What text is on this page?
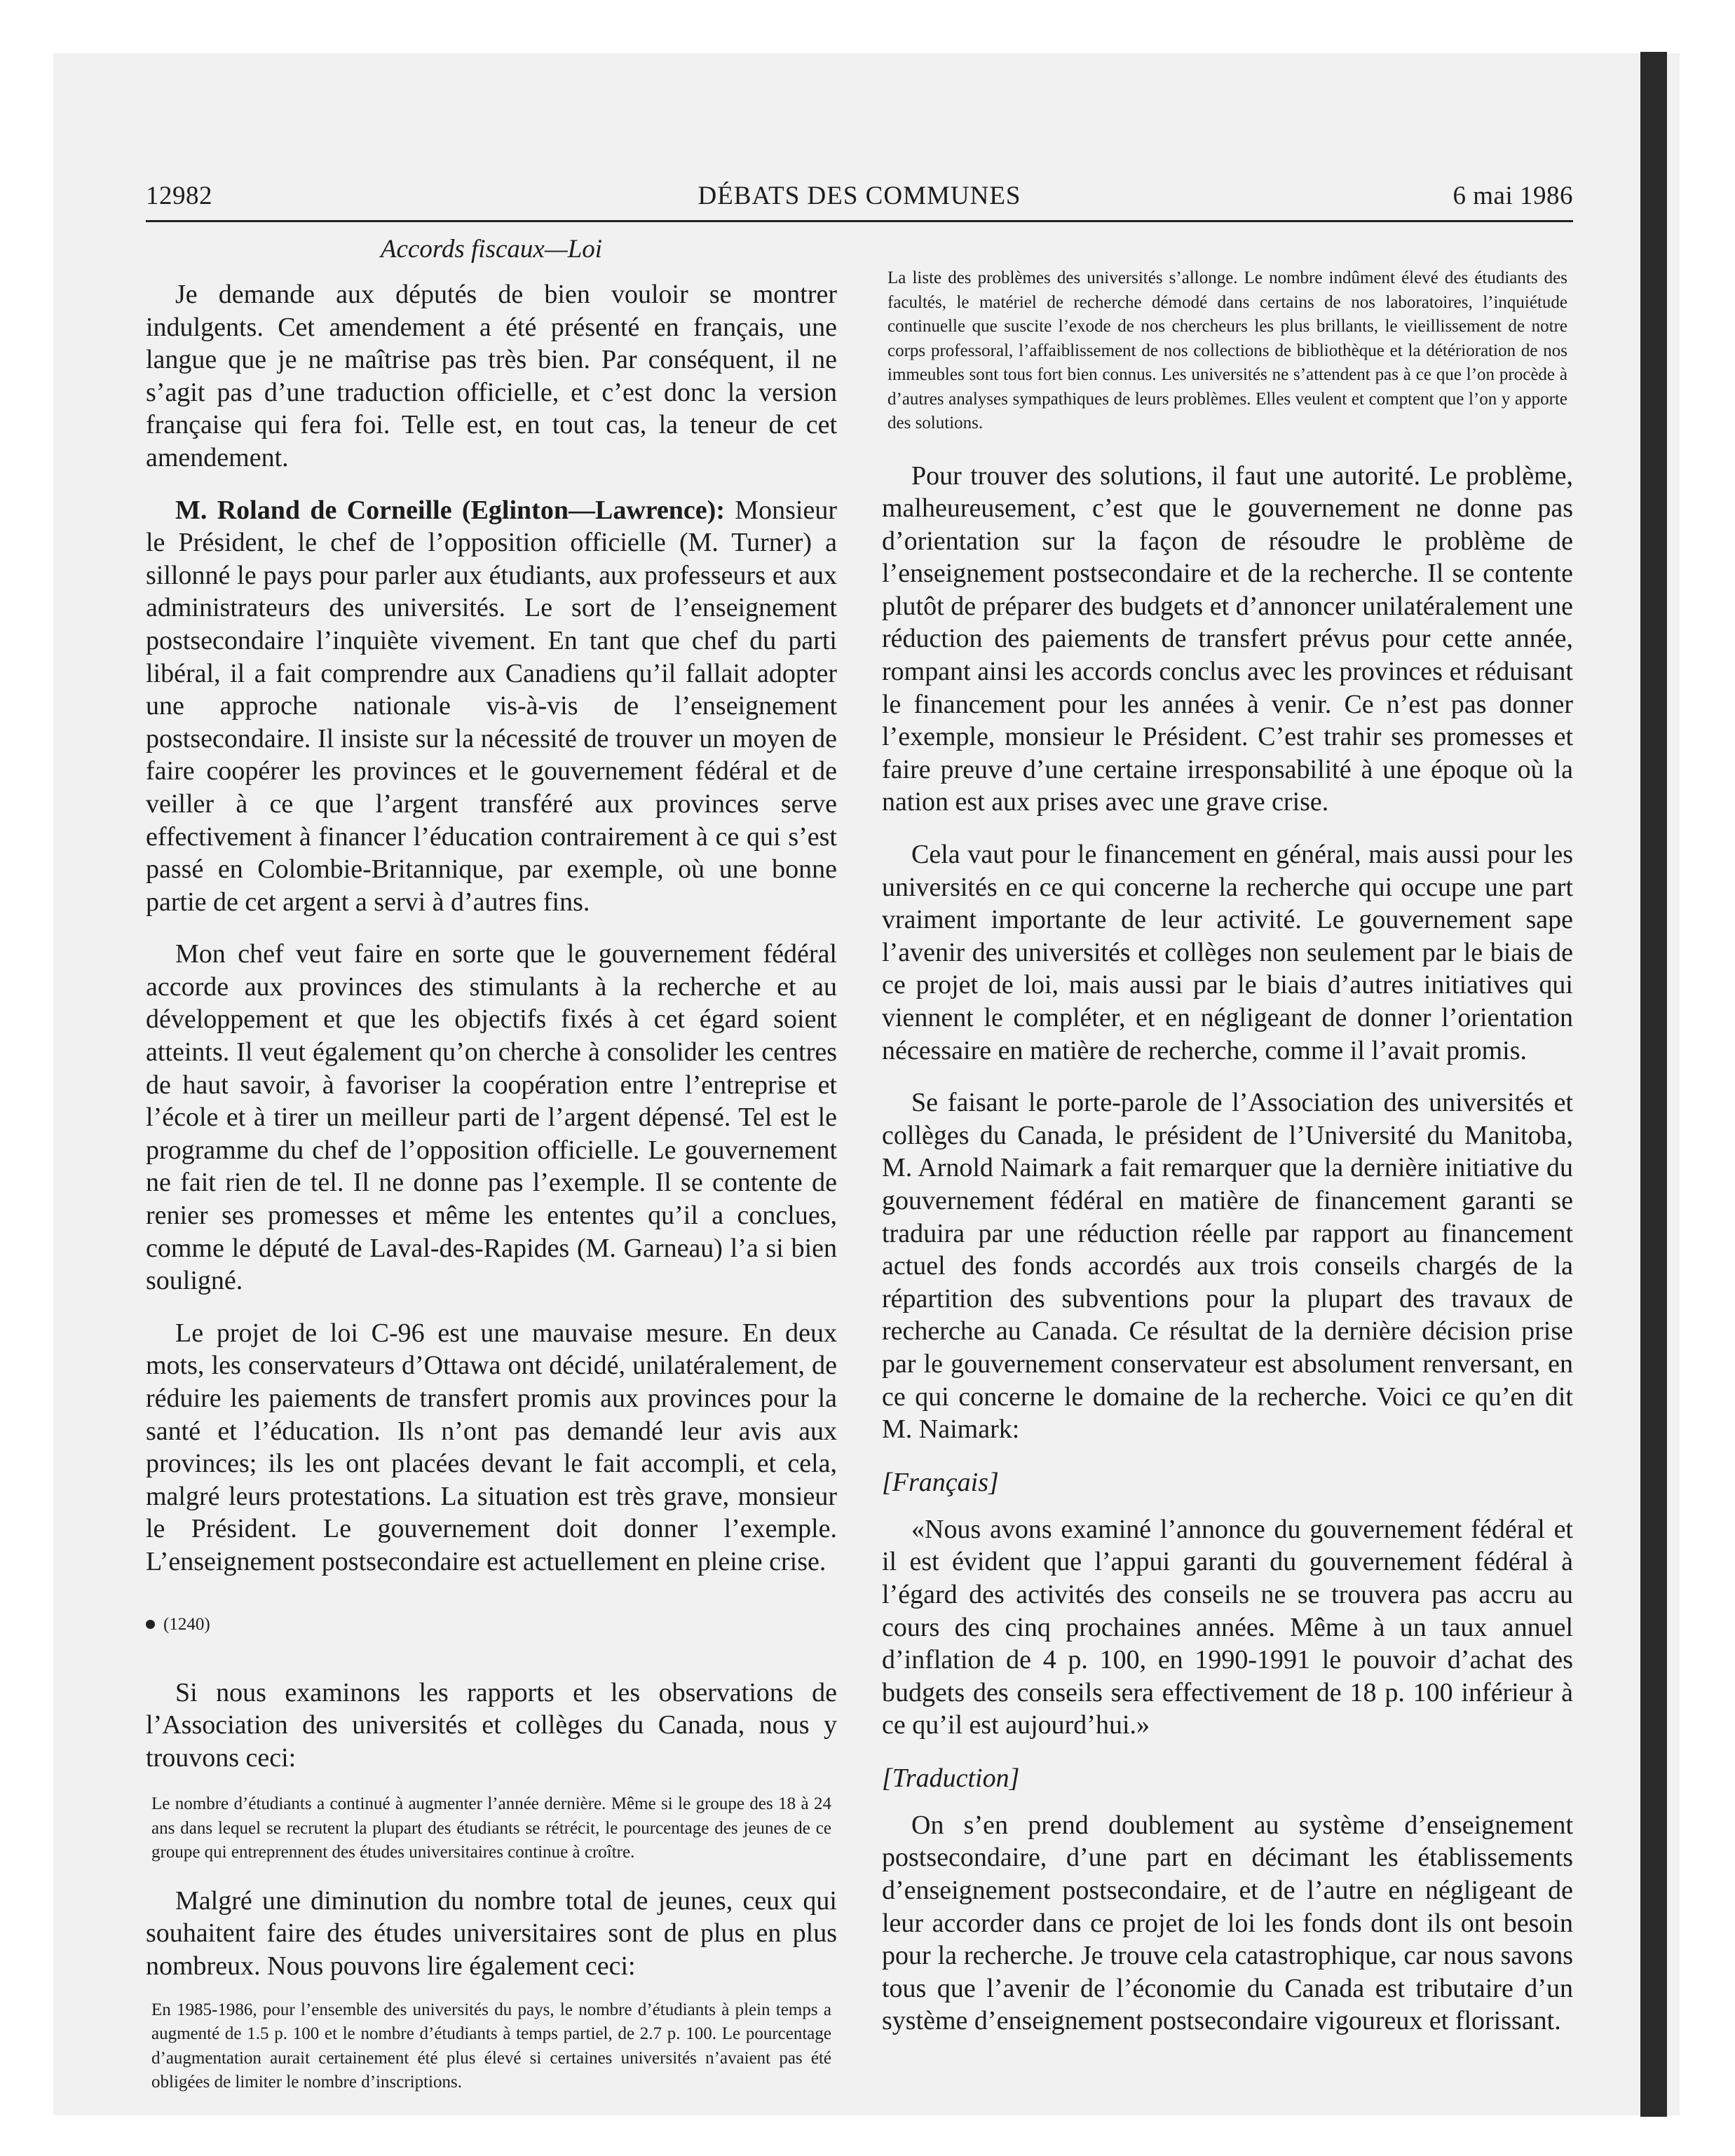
DÉBATS DES COMMUNES
12982	6 mai 1986
Accords fiscaux—Loi

Je demande aux députés de bien vouloir se montrer indulgents. Cet amendement a été présenté en français, une langue que je ne maîtrise pas très bien. Par conséquent, il ne s’agit pas d’une traduction officielle, et c’est donc la version française qui fera foi. Telle est, en tout cas, la teneur de cet amendement.

M. Roland de Corneille (Eglinton—Lawrence): Monsieur le Président, le chef de l’opposition officielle (M. Turner) a sillonné le pays pour parler aux étudiants, aux professeurs et aux administrateurs des universités. Le sort de l’enseignement postsecondaire l’inquiète vivement. En tant que chef du parti libéral, il a fait comprendre aux Canadiens qu’il fallait adopter une approche nationale vis-à-vis de l’enseignement postsecondaire. Il insiste sur la nécessité de trouver un moyen de faire coopérer les provinces et le gouvernement fédéral et de veiller à ce que l’argent transféré aux provinces serve effectivement à financer l’éducation contrairement à ce qui s’est passé en Colombie-Britannique, par exemple, où une bonne partie de cet argent a servi à d’autres fins.

Mon chef veut faire en sorte que le gouvernement fédéral accorde aux provinces des stimulants à la recherche et au développement et que les objectifs fixés à cet égard soient atteints. Il veut également qu’on cherche à consolider les centres de haut savoir, à favoriser la coopération entre l’entreprise et l’école et à tirer un meilleur parti de l’argent dépensé. Tel est le programme du chef de l’opposition officielle. Le gouvernement ne fait rien de tel. Il ne donne pas l’exemple. Il se contente de renier ses promesses et même les ententes qu’il a conclues, comme le député de Laval-des-Rapides (M. Garneau) l’a si bien souligné.

Le projet de loi C-96 est une mauvaise mesure. En deux mots, les conservateurs d’Ottawa ont décidé, unilatéralement, de réduire les paiements de transfert promis aux provinces pour la santé et l’éducation. Ils n’ont pas demandé leur avis aux provinces; ils les ont placées devant le fait accompli, et cela, malgré leurs protestations. La situation est très grave, monsieur le Président. Le gouvernement doit donner l’exemple. L’enseignement postsecondaire est actuellement en pleine crise.

(1240)

Si nous examinons les rapports et les observations de l’Association des universités et collèges du Canada, nous y trouvons ceci:

Le nombre d’étudiants a continué à augmenter l’année dernière. Même si le groupe des 18 à 24 ans dans lequel se recrutent la plupart des étudiants se rétrécit, le pourcentage des jeunes de ce groupe qui entreprennent des études universitaires continue à croître.

Malgré une diminution du nombre total de jeunes, ceux qui souhaitent faire des études universitaires sont de plus en plus nombreux. Nous pouvons lire également ceci:

En 1985-1986, pour l’ensemble des universités du pays, le nombre d’étudiants à plein temps a augmenté de 1.5 p. 100 et le nombre d’étudiants à temps partiel, de 2.7 p. 100. Le pourcentage d’augmentation aurait certainement été plus élevé si certaines universités n’avaient pas été obligées de limiter le nombre d’inscriptions.

La liste des problèmes des universités s’allonge. Le nombre indûment élevé des étudiants des facultés, le matériel de recherche démodé dans certains de nos laboratoires, l’inquiétude continuelle que suscite l’exode de nos chercheurs les plus brillants, le vieillissement de notre corps professoral, l’affaiblissement de nos collections de bibliothèque et la détérioration de nos immeubles sont tous fort bien connus. Les universités ne s’attendent pas à ce que l’on procède à d’autres analyses sympathiques de leurs problèmes. Elles veulent et comptent que l’on y apporte des solutions.

Pour trouver des solutions, il faut une autorité. Le problème, malheureusement, c’est que le gouvernement ne donne pas d’orientation sur la façon de résoudre le problème de l’enseignement postsecondaire et de la recherche. Il se contente plutôt de préparer des budgets et d’annoncer unilatéralement une réduction des paiements de transfert prévus pour cette année, rompant ainsi les accords conclus avec les provinces et réduisant le financement pour les années à venir. Ce n’est pas donner l’exemple, monsieur le Président. C’est trahir ses promesses et faire preuve d’une certaine irresponsabilité à une époque où la nation est aux prises avec une grave crise.

Cela vaut pour le financement en général, mais aussi pour les universités en ce qui concerne la recherche qui occupe une part vraiment importante de leur activité. Le gouvernement sape l’avenir des universités et collèges non seulement par le biais de ce projet de loi, mais aussi par le biais d’autres initiatives qui viennent le compléter, et en négligeant de donner l’orientation nécessaire en matière de recherche, comme il l’avait promis.

Se faisant le porte-parole de l’Association des universités et collèges du Canada, le président de l’Université du Manitoba, M. Arnold Naimark a fait remarquer que la dernière initiative du gouvernement fédéral en matière de financement garanti se traduira par une réduction réelle par rapport au financement actuel des fonds accordés aux trois conseils chargés de la répartition des subventions pour la plupart des travaux de recherche au Canada. Ce résultat de la dernière décision prise par le gouvernement conservateur est absolument renversant, en ce qui concerne le domaine de la recherche. Voici ce qu’en dit M. Naimark:

[Français]

«Nous avons examiné l’annonce du gouvernement fédéral et il est évident que l’appui garanti du gouvernement fédéral à l’égard des activités des conseils ne se trouvera pas accru au cours des cinq prochaines années. Même à un taux annuel d’inflation de 4 p. 100, en 1990-1991 le pouvoir d’achat des budgets des conseils sera effectivement de 18 p. 100 inférieur à ce qu’il est aujourd’hui.»

[Traduction]

On s’en prend doublement au système d’enseignement postsecondaire, d’une part en décimant les établissements d’enseignement postsecondaire, et de l’autre en négligeant de leur accorder dans ce projet de loi les fonds dont ils ont besoin pour la recherche. Je trouve cela catastrophique, car nous savons tous que l’avenir de l’économie du Canada est tributaire d’un système d’enseignement postsecondaire vigoureux et florissant.
